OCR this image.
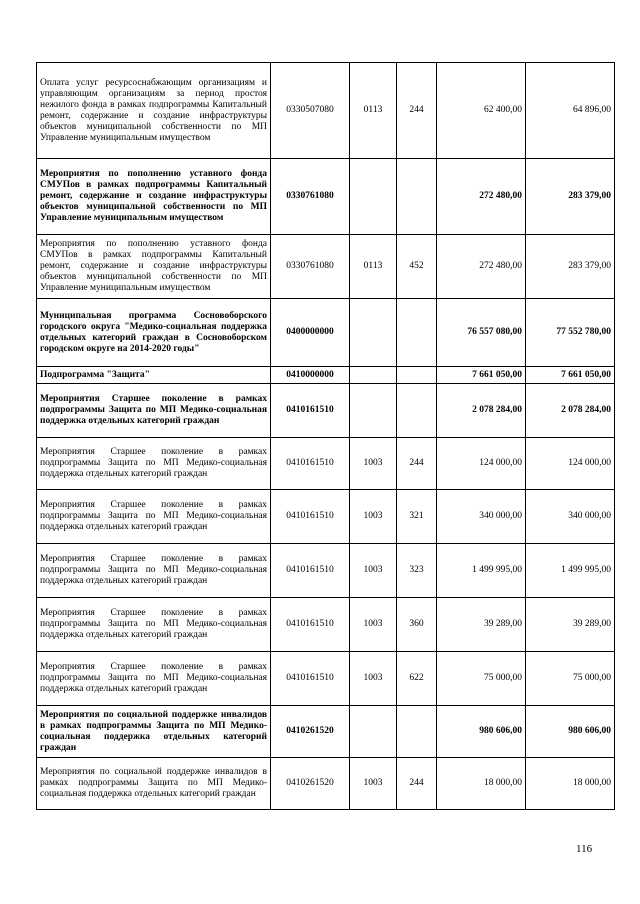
Оплата услуг ресурсоснабжающим организациям и управляющим организациям за период простоя нежилого фонда в рамках подпрограммы Капитальный ремонт, содержание и создание инфраструктуры объектов муниципальной собственности по МП Управление муниципальным имуществом	0330507080	0113	244	62 400,00	64 896,00
Мероприятия по пополнению уставного фонда СМУПов в рамках подпрограммы Капитальный ремонт, содержание и создание инфраструктуры объектов муниципальной собственности по МП Управление муниципальным имуществом	0330761080			272 480,00	283 379,00
Мероприятия по пополнению уставного фонда СМУПов в рамках подпрограммы Капитальный ремонт, содержание и создание инфраструктуры объектов муниципальной собственности по МП Управление муниципальным имуществом	0330761080	0113	452	272 480,00	283 379,00
Муниципальная программа Сосновоборского городского округа "Медико-социальная поддержка отдельных категорий граждан в Сосновоборском городском округе на 2014-2020 годы"	0400000000			76 557 080,00	77 552 780,00
Подпрограмма "Защита"	0410000000			7 661 050,00	7 661 050,00
Мероприятия Старшее поколение в рамках подпрограммы Защита по МП Медико-социальная поддержка отдельных категорий граждан	0410161510			2 078 284,00	2 078 284,00
Мероприятия Старшее поколение в рамках подпрограммы Защита по МП Медико-социальная поддержка отдельных категорий граждан	0410161510	1003	244	124 000,00	124 000,00
Мероприятия Старшее поколение в рамках подпрограммы Защита по МП Медико-социальная поддержка отдельных категорий граждан	0410161510	1003	321	340 000,00	340 000,00
Мероприятия Старшее поколение в рамках подпрограммы Защита по МП Медико-социальная поддержка отдельных категорий граждан	0410161510	1003	323	1 499 995,00	1 499 995,00
Мероприятия Старшее поколение в рамках подпрограммы Защита по МП Медико-социальная поддержка отдельных категорий граждан	0410161510	1003	360	39 289,00	39 289,00
Мероприятия Старшее поколение в рамках подпрограммы Защита по МП Медико-социальная поддержка отдельных категорий граждан	0410161510	1003	622	75 000,00	75 000,00
Мероприятия по социальной поддержке инвалидов в рамках подпрограммы Защита по МП Медико-социальная поддержка отдельных категорий граждан	0410261520			980 606,00	980 606,00
Мероприятия по социальной поддержке инвалидов в рамках подпрограммы Защита по МП Медико-социальная поддержка отдельных категорий граждан	0410261520	1003	244	18 000,00	18 000,00
116
